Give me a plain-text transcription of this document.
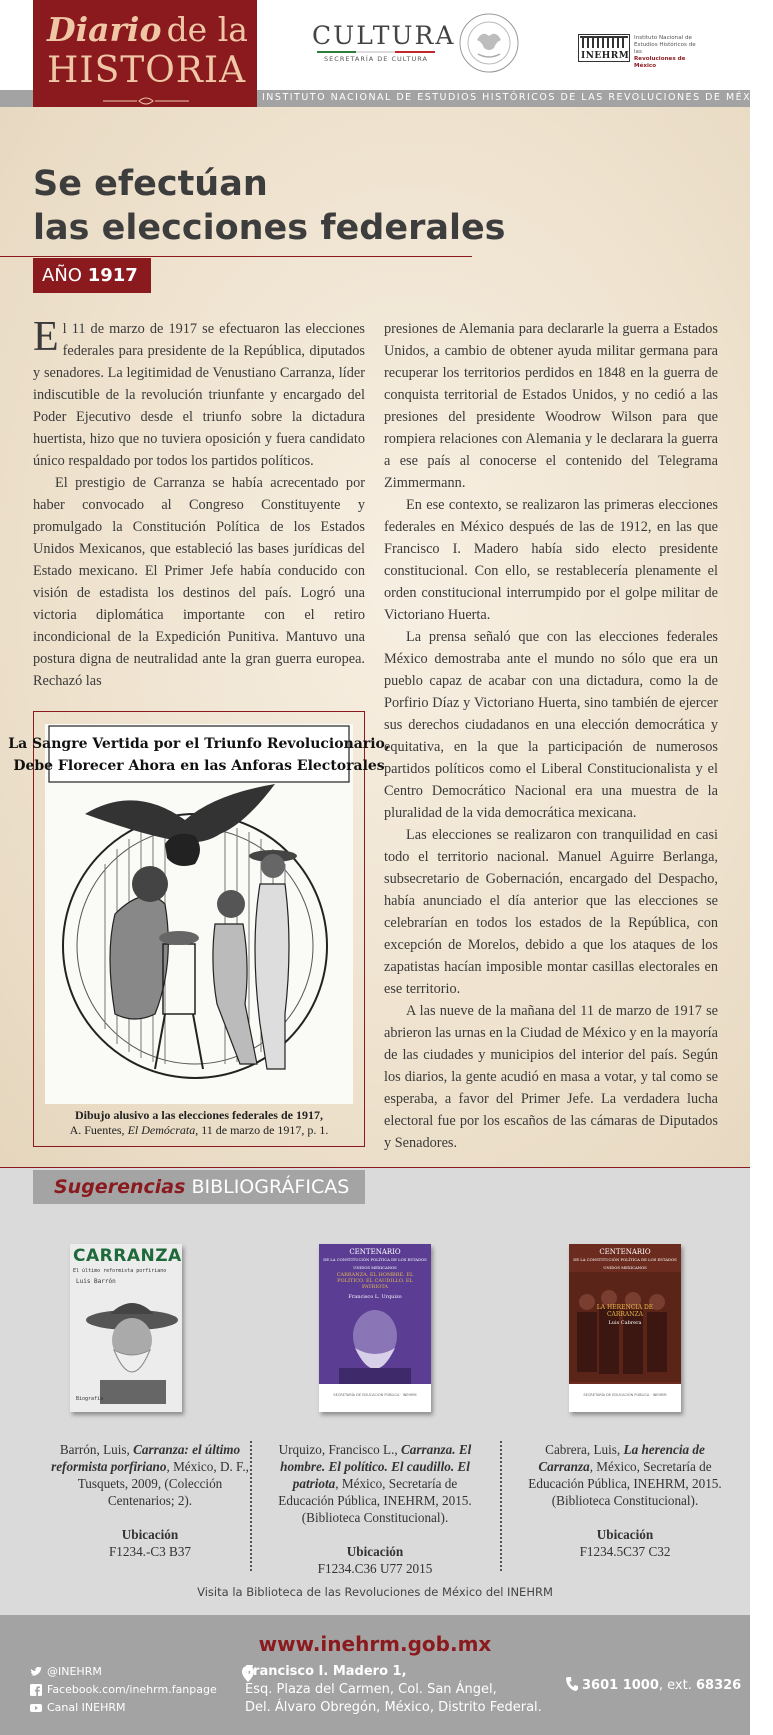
INSTITUTO NACIONAL DE ESTUDIOS HISTÓRICOS DE LAS REVOLUCIONES DE MÉXICO
Diario de la
HISTORIA
CULTURA
SECRETARÍA DE CULTURA	INEHRM
Instituto Nacional de
Estudios Históricos de las
Revoluciones de México
Se efectúan
las elecciones federales
AÑO 1917

El 11 de marzo de 1917 se efectuaron las elecciones federales para presidente de la República, diputados y senadores. La legitimidad de Venustiano Carranza, líder indiscutible de la revolución triunfante y encargado del Poder Ejecutivo desde el triunfo sobre la dictadura huertista, hizo que no tuviera oposición y fuera candidato único respaldado por todos los partidos políticos.

El prestigio de Carranza se había acrecentado por haber convocado al Congreso Constituyente y promulgado la Constitución Política de los Estados Unidos Mexicanos, que estableció las bases jurídicas del Estado mexicano. El Primer Jefe había conducido con visión de estadista los destinos del país. Logró una victoria diplomática importante con el retiro incondicional de la Expedición Punitiva. Mantuvo una postura digna de neutralidad ante la gran guerra europea. Rechazó las

presiones de Alemania para declararle la guerra a Estados Unidos, a cambio de obtener ayuda militar germana para recuperar los territorios perdidos en 1848 en la guerra de conquista territorial de Estados Unidos, y no cedió a las presiones del presidente Woodrow Wilson para que rompiera relaciones con Alemania y le declarara la guerra a ese país al conocerse el contenido del Telegrama Zimmermann.

En ese contexto, se realizaron las primeras elecciones federales en México después de las de 1912, en las que Francisco I. Madero había sido electo presidente constitucional. Con ello, se restablecería plenamente el orden constitucional interrumpido por el golpe militar de Victoriano Huerta.

La prensa señaló que con las elecciones federales México demostraba ante el mundo no sólo que era un pueblo capaz de acabar con una dictadura, como la de Porfirio Díaz y Victoriano Huerta, sino también de ejercer sus derechos ciudadanos en una elección democrática y equitativa, en la que la participación de numerosos partidos políticos como el Liberal Constitucionalista y el Centro Democrático Nacional era una muestra de la pluralidad de la vida democrática mexicana.

Las elecciones se realizaron con tranquilidad en casi todo el territorio nacional. Manuel Aguirre Berlanga, subsecretario de Gobernación, encargado del Despacho, había anunciado el día anterior que las elecciones se celebrarían en todos los estados de la República, con excepción de Morelos, debido a que los ataques de los zapatistas hacían imposible montar casillas electorales en ese territorio.

A las nueve de la mañana del 11 de marzo de 1917 se abrieron las urnas en la Ciudad de México y en la mayoría de las ciudades y municipios del interior del país. Según los diarios, la gente acudió en masa a votar, y tal como se esperaba, a favor del Primer Jefe. La verdadera lucha electoral fue por los escaños de las cámaras de Diputados y Senadores.

La Sangre Vertida por el Triunfo Revolucionario,
Debe Florecer Ahora en las Anforas Electorales
Dibujo alusivo a las elecciones federales de 1917,
A. Fuentes, El Demócrata, 11 de marzo de 1917, p. 1.
Sugerencias BIBLIOGRÁFICAS
CARRANZA
El último reformista porfiriano
Luis Barrón
Biografía
CENTENARIO
DE LA CONSTITUCIÓN POLÍTICA DE LOS ESTADOS UNIDOS MEXICANOS
CARRANZA. EL HOMBRE. EL POLÍTICO. EL CAUDILLO. EL PATRIOTA
Francisco L. Urquizo
SECRETARÍA DE EDUCACIÓN PÚBLICA · INEHRM
CENTENARIO
DE LA CONSTITUCIÓN POLÍTICA DE LOS ESTADOS UNIDOS MEXICANOS
LA HERENCIA DE CARRANZA
Luis Cabrera
SECRETARÍA DE EDUCACIÓN PÚBLICA · INEHRM
Barrón, Luis, Carranza: el último reformista porfiriano, México, D. F., Tusquets, 2009, (Colección Centenarios; 2).
Ubicación
F1234.-C3 B37
Urquizo, Francisco L., Carranza. El hombre. El político. El caudillo. El patriota, México, Secretaría de Educación Pública, INEHRM, 2015. (Biblioteca Constitucional).
Ubicación
F1234.C36 U77 2015
Cabrera, Luis, La herencia de Carranza, México, Secretaría de Educación Pública, INEHRM, 2015. (Biblioteca Constitucional).
Ubicación
F1234.5C37 C32
Visita la Biblioteca de las Revoluciones de México del INEHRM
www.inehrm.gob.mx
@INEHRM
Facebook.com/inehrm.fanpage
Canal INEHRM
Francisco I. Madero 1,
Esq. Plaza del Carmen, Col. San Ángel,
Del. Álvaro Obregón, México, Distrito Federal.
3601 1000, ext. 68326
